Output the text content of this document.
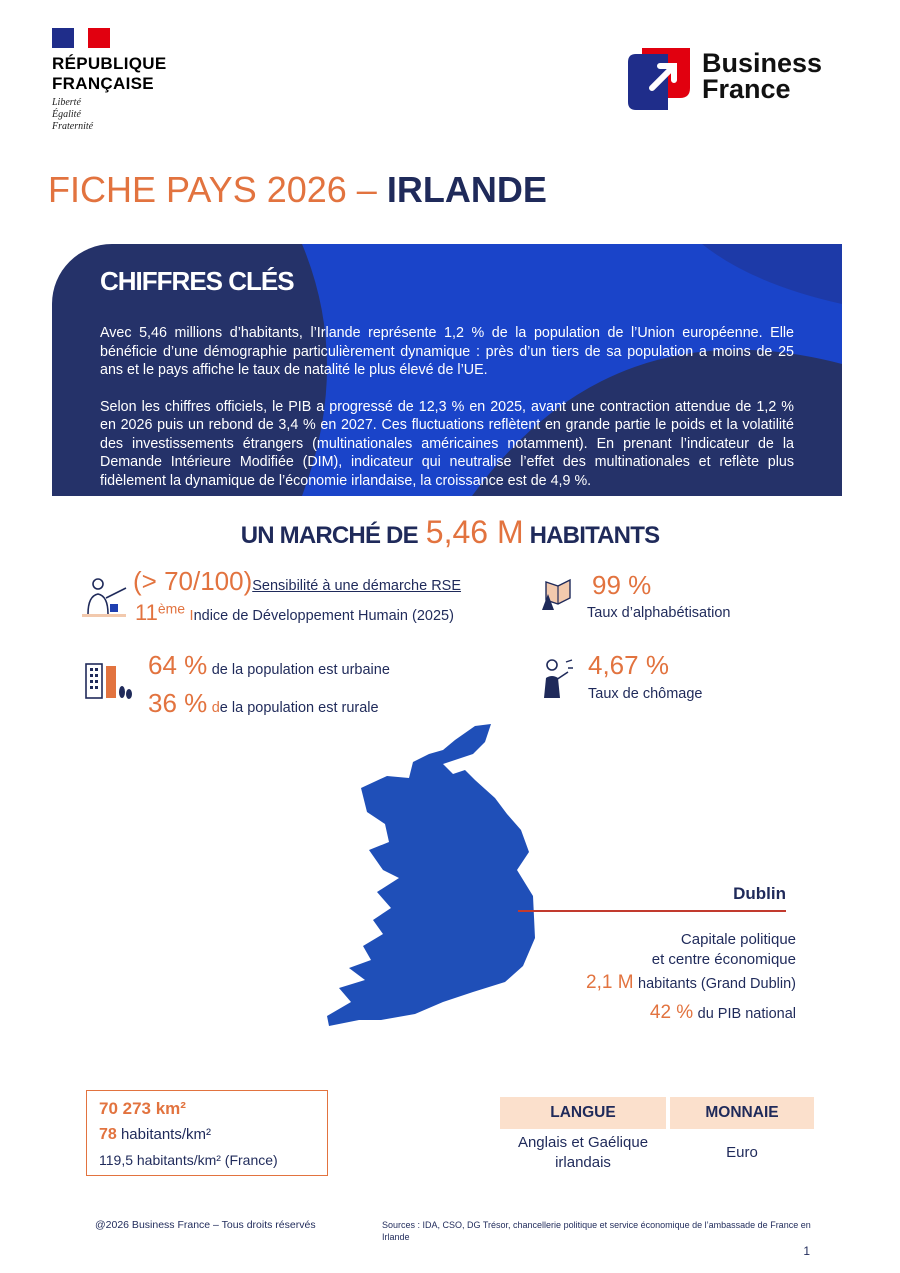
RÉPUBLIQUE
FRANÇAISE
Liberté
Égalité
Fraternité
Business
France
FICHE PAYS 2026 – IRLANDE
CHIFFRES CLÉS

Avec 5,46 millions d’habitants, l’Irlande représente 1,2 % de la population de l’Union européenne. Elle bénéficie d’une démographie particulièrement dynamique : près d’un tiers de sa population a moins de 25 ans et le pays affiche le taux de natalité le plus élevé de l’UE.

Selon les chiffres officiels, le PIB a progressé de 12,3 % en 2025, avant une contraction attendue de 1,2 % en 2026 puis un rebond de 3,4 % en 2027. Ces fluctuations reflètent en grande partie le poids et la volatilité des investissements étrangers (multinationales américaines notamment). En prenant l’indicateur de la Demande Intérieure Modifiée (DIM), indicateur qui neutralise l’effet des multinationales et reflète plus fidèlement la dynamique de l’économie irlandaise, la croissance est de 4,9 %.

UN MARCHÉ DE 5,46 M HABITANTS
(> 70/100)Sensibilité à une démarche RSE
11ème Indice de Développement Humain (2025)
99 %
Taux d’alphabétisation
64 % de la population est urbaine
36 % de la population est rurale
4,67 %
Taux de chômage
Dublin
Capitale politique
et centre économique
2,1 M habitants (Grand Dublin)
42 % du PIB national
70 273 km²
78 habitants/km²
119,5 habitants/km² (France)
LANGUE	MONNAIE
Anglais et Gaélique
irlandais
Euro
@2026 Business France – Tous droits réservés	Sources : IDA, CSO, DG Trésor, chancellerie politique et service économique de l’ambassade de France en Irlande
1
